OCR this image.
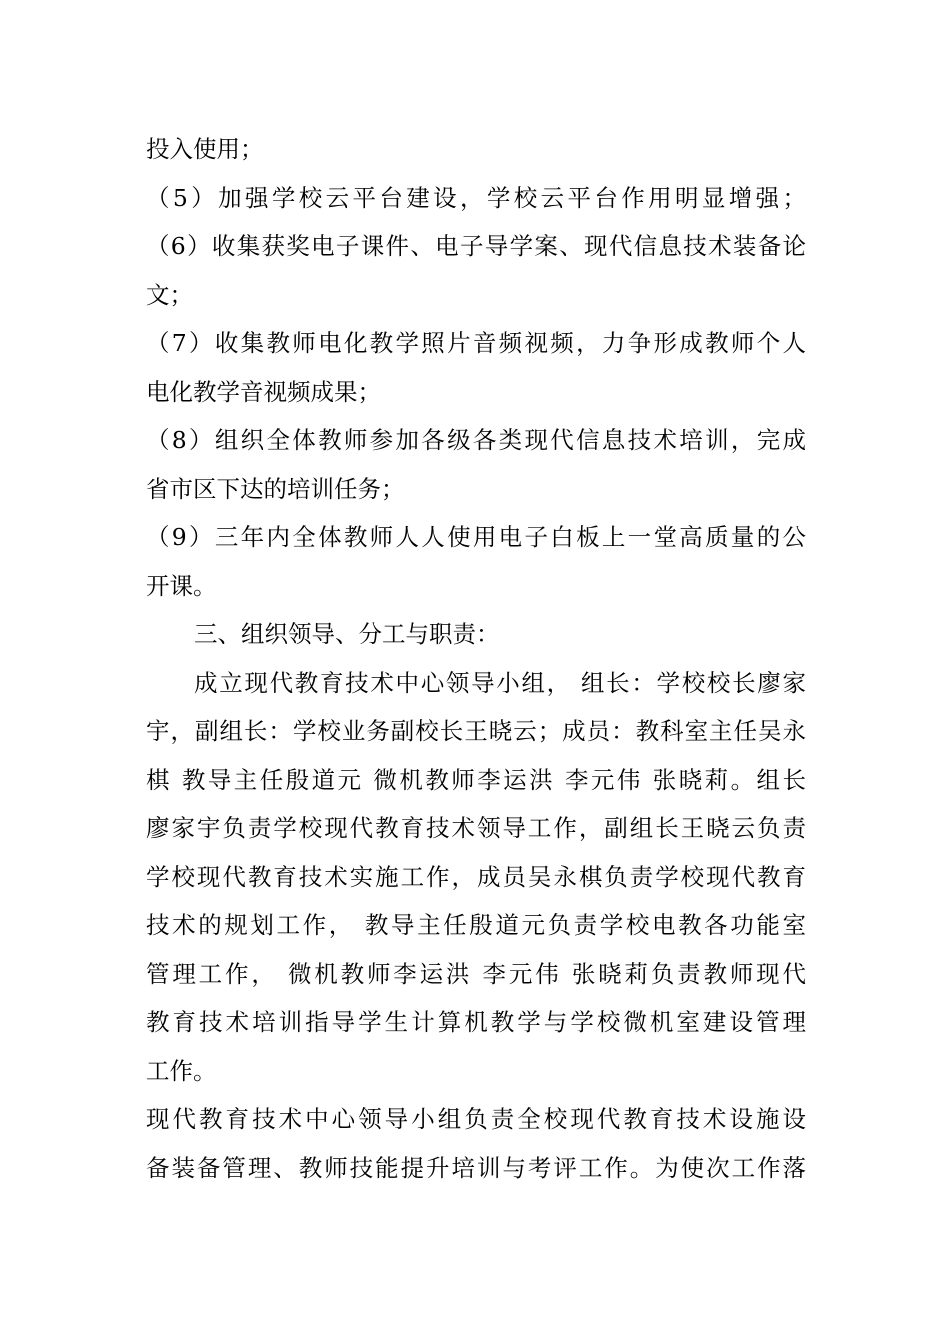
投入使用；
（5）加强学校云平台建设，学校云平台作用明显增强；
（6）收集获奖电子课件、电子导学案、现代信息技术装备论
文；
（7）收集教师电化教学照片音频视频，力争形成教师个人
电化教学音视频成果；
（8）组织全体教师参加各级各类现代信息技术培训，完成
省市区下达的培训任务；
（9）三年内全体教师人人使用电子白板上一堂高质量的公
开课。
三、组织领导、分工与职责：
成立现代教育技术中心领导小组， 组长：学校校长廖家
宇，副组长：学校业务副校长王晓云；成员：教科室主任吴永
棋 教导主任殷道元 微机教师李运洪 李元伟 张晓莉。组长
廖家宇负责学校现代教育技术领导工作，副组长王晓云负责
学校现代教育技术实施工作，成员吴永棋负责学校现代教育
技术的规划工作， 教导主任殷道元负责学校电教各功能室
管理工作， 微机教师李运洪 李元伟 张晓莉负责教师现代
教育技术培训指导学生计算机教学与学校微机室建设管理
工作。
现代教育技术中心领导小组负责全校现代教育技术设施设
备装备管理、教师技能提升培训与考评工作。为使次工作落
